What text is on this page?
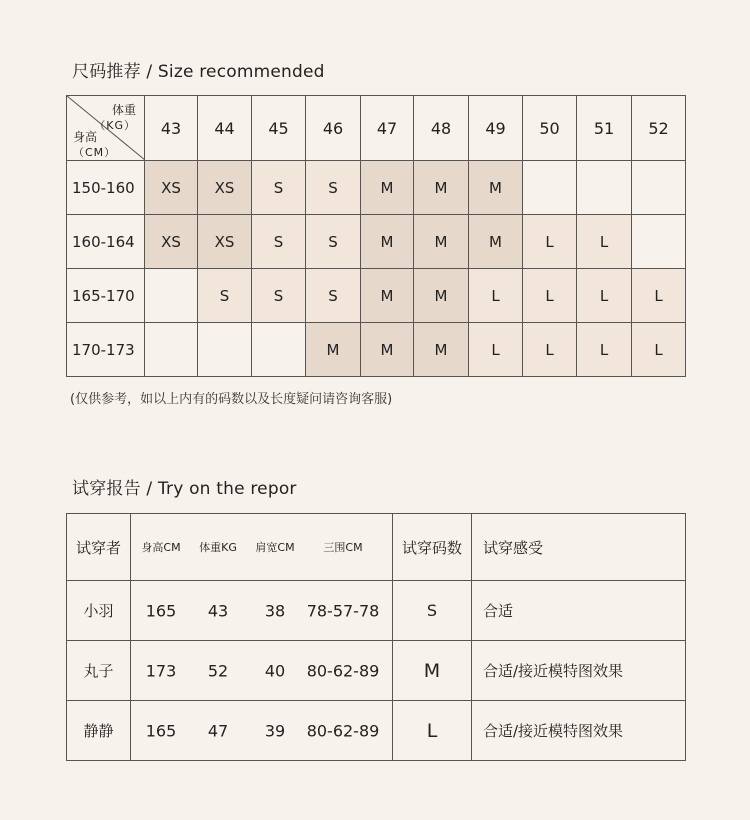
尺码推荐 / Size recommended
体重
（KG）
身高
（CM）	43	44	45	46	47	48	49	50	51	52
150-160	XS	XS	S	S	M	M	M			
160-164	XS	XS	S	S	M	M	M	L	L	
165-170		S	S	S	M	M	L	L	L	L
170-173				M	M	M	L	L	L	L
(仅供参考，如以上内有的码数以及长度疑问请咨询客服)
试穿报告 / Try on the repor
试穿者	身高CM 体重KG 肩宽CM 三围CM	试穿码数	试穿感受
小羽	165 43 38 78-57-78	S	合适
丸子	173 52 40 80-62-89	M	合适/接近模特图效果
静静	165 47 39 80-62-89	L	合适/接近模特图效果
